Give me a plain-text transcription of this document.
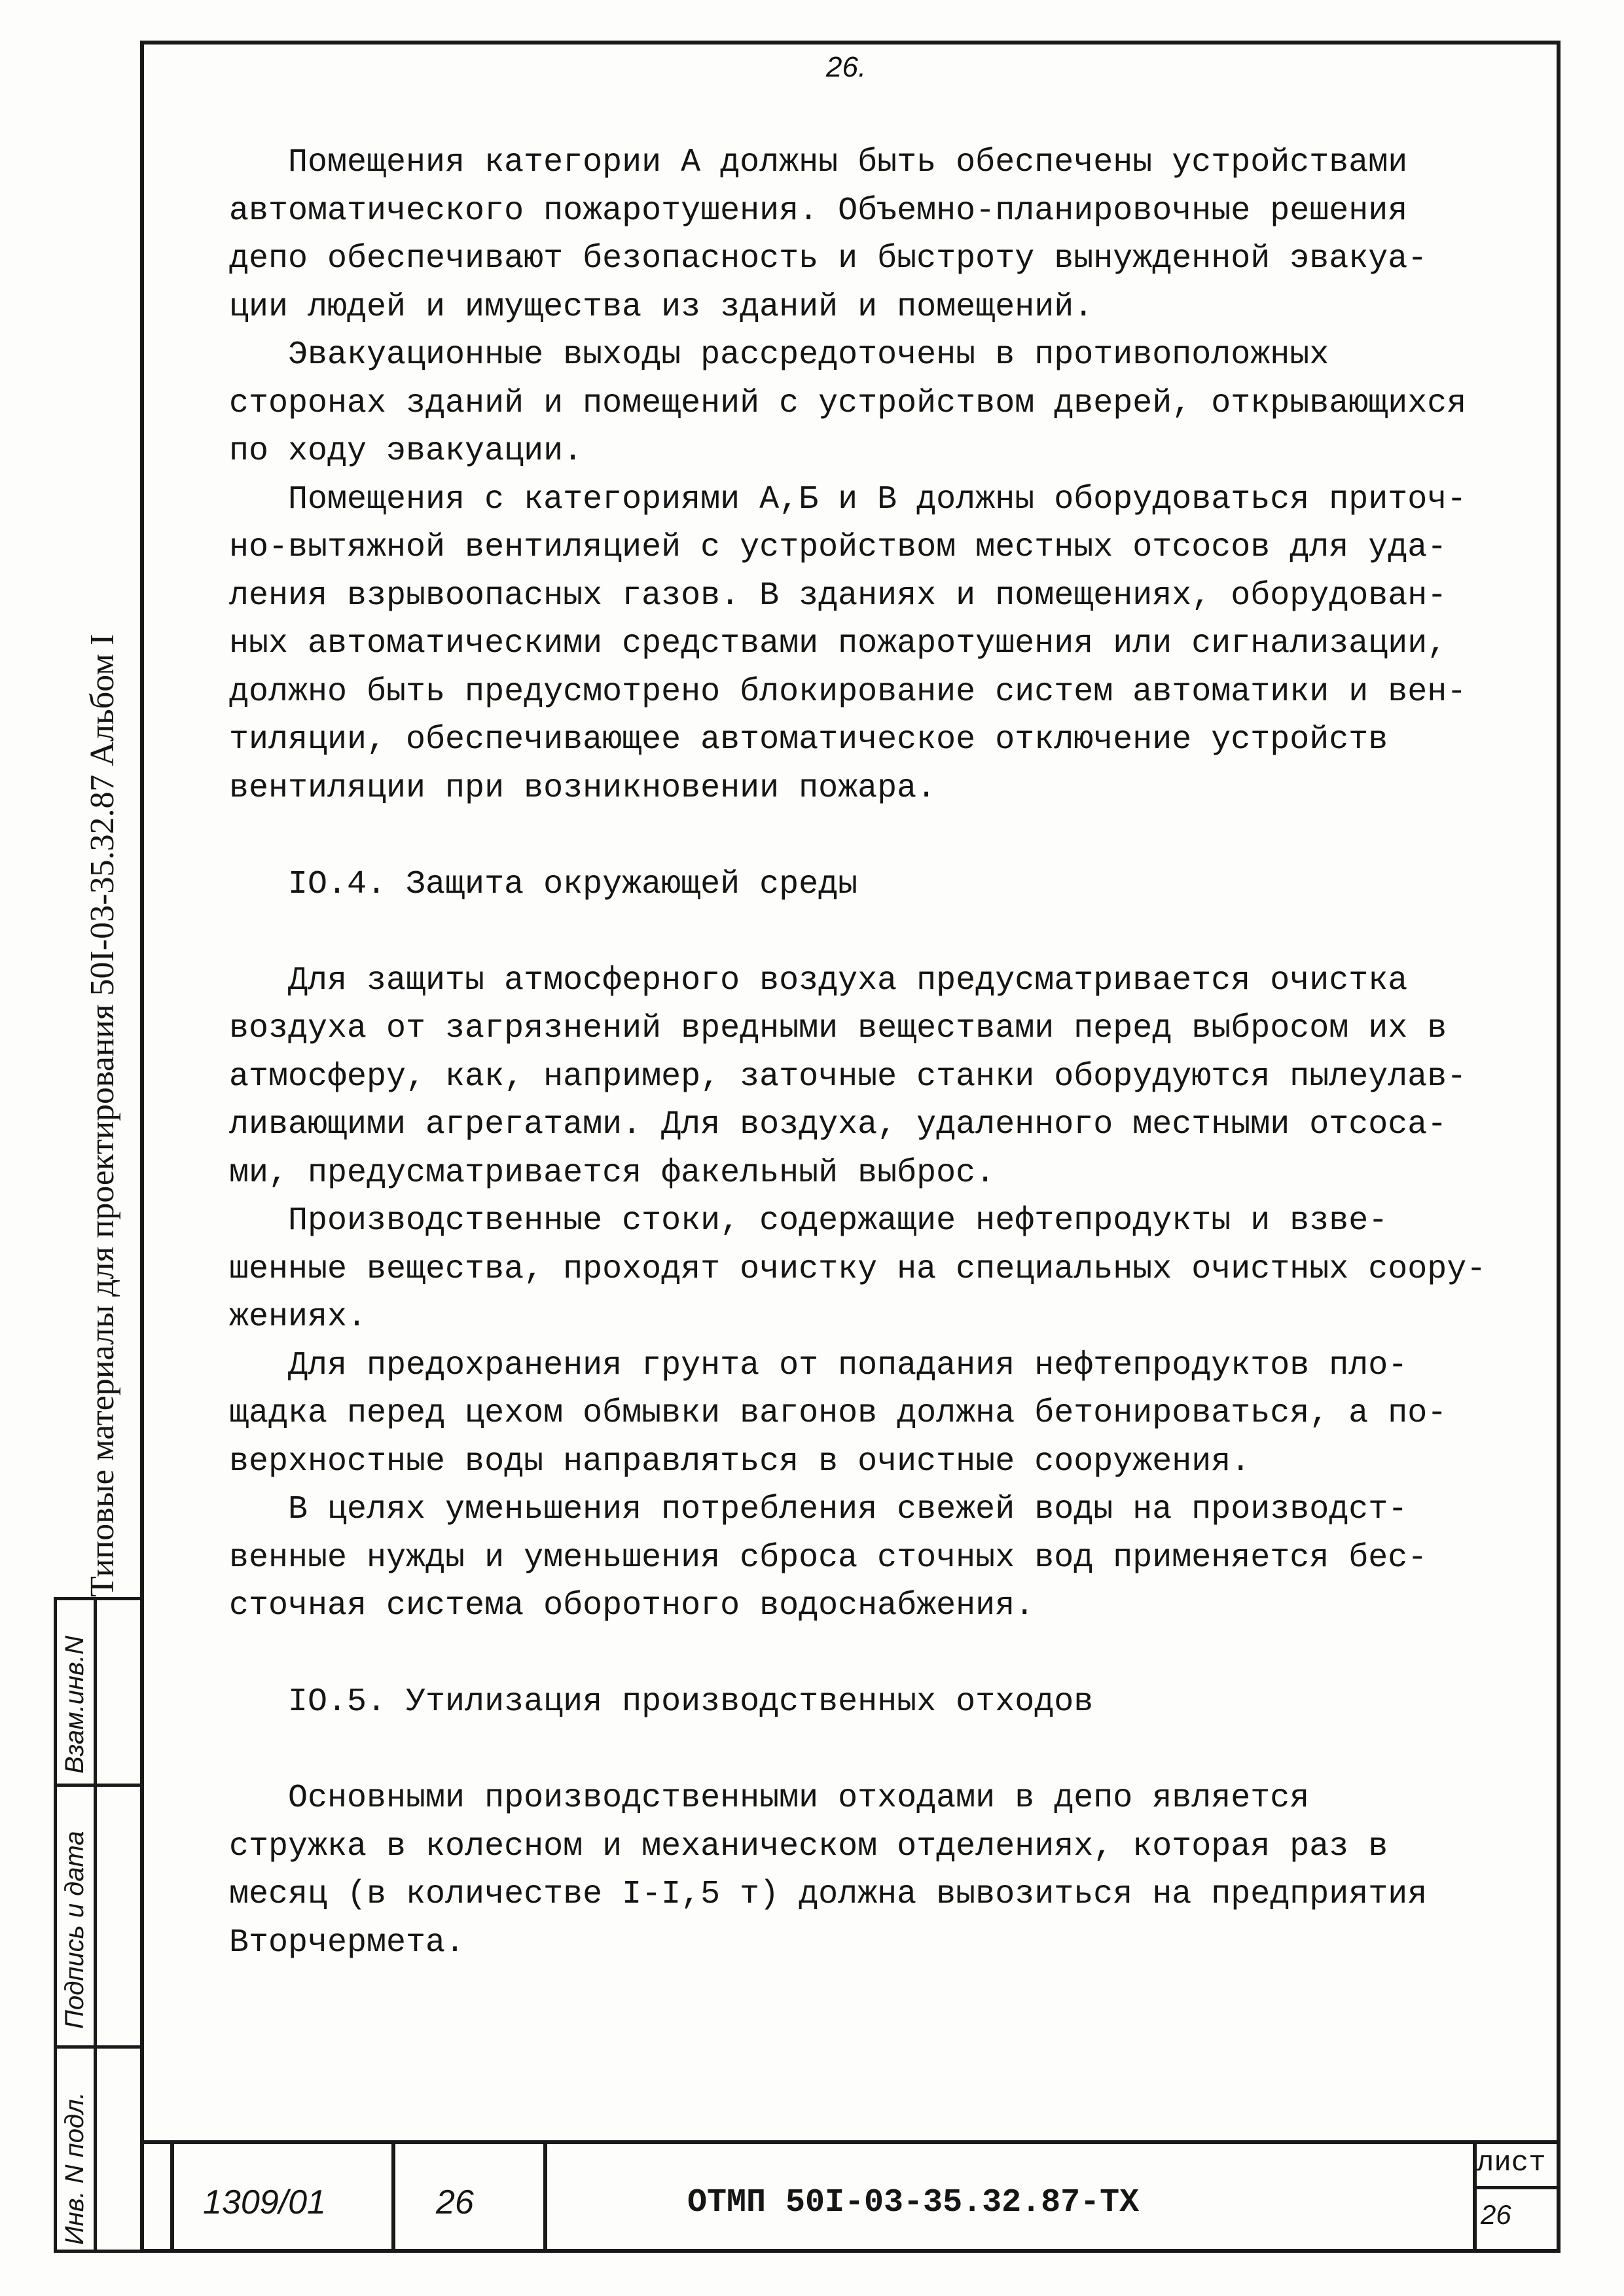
26.
Помещения категории А должны быть обеспечены устройствами
автоматического пожаротушения. Объемно-планировочные решения
депо обеспечивают безопасность и быстроту вынужденной эвакуа-
ции людей и имущества из зданий и помещений.
Эвакуационные выходы рассредоточены в противоположных
сторонах зданий и помещений с устройством дверей, открывающихся
по ходу эвакуации.
Помещения с категориями А,Б и В должны оборудоваться приточ-
но-вытяжной вентиляцией с устройством местных отсосов для уда-
ления взрывоопасных газов. В зданиях и помещениях, оборудован-
ных автоматическими средствами пожаротушения или сигнализации,
должно быть предусмотрено блокирование систем автоматики и вен-
тиляции, обеспечивающее автоматическое отключение устройств
вентиляции при возникновении пожара.
IO.4. Защита окружающей среды
Для защиты атмосферного воздуха предусматривается очистка
воздуха от загрязнений вредными веществами перед выбросом их в
атмосферу, как, например, заточные станки оборудуются пылеулав-
ливающими агрегатами. Для воздуха, удаленного местными отсоса-
ми, предусматривается факельный выброс.
Производственные стоки, содержащие нефтепродукты и взве-
шенные вещества, проходят очистку на специальных очистных соору-
жениях.
Для предохранения грунта от попадания нефтепродуктов пло-
щадка перед цехом обмывки вагонов должна бетонироваться, а по-
верхностные воды направляться в очистные сооружения.
В целях уменьшения потребления свежей воды на производст-
венные нужды и уменьшения сброса сточных вод применяется бес-
сточная система оборотного водоснабжения.
IO.5. Утилизация производственных отходов
Основными производственными отходами в депо является
стружка в колесном и механическом отделениях, которая раз в
месяц (в количестве I-I,5 т) должна вывозиться на предприятия
Вторчермета.
Типовые материалы для проектирования 50I-03-35.32.87 Альбом I
Взам.инв.N
Подпись и дата
Инв. N подл.	1309/01	26	ОТМП 50I-03-35.32.87-ТХ
лист
26
